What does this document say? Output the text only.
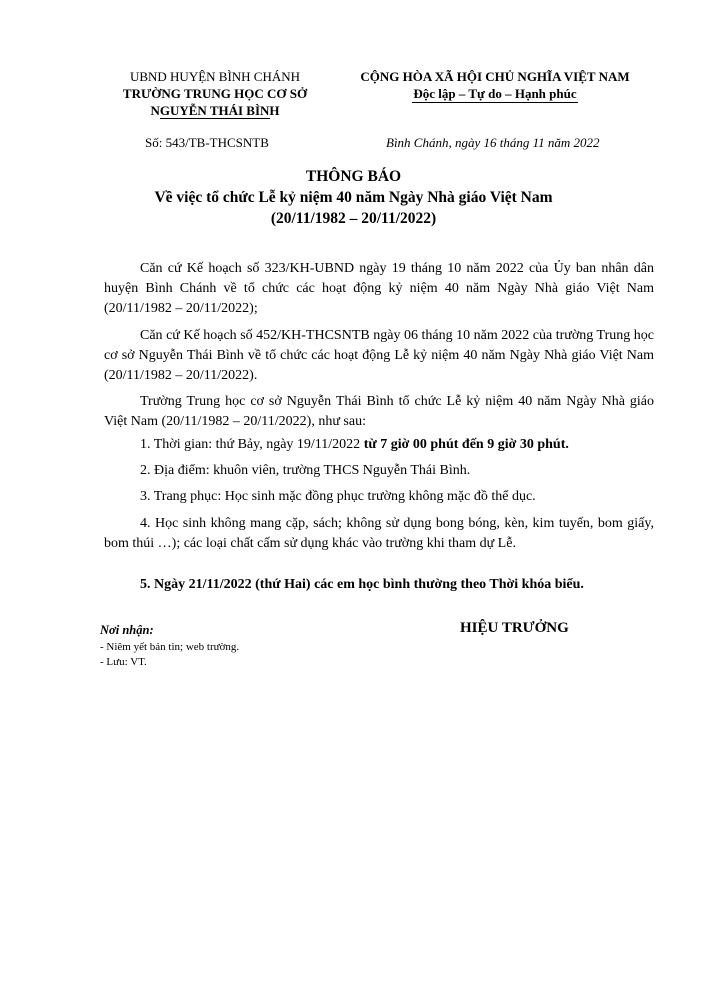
UBND HUYỆN BÌNH CHÁNH
TRƯỜNG TRUNG HỌC CƠ SỞ
NGUYỄN THÁI BÌNH
CỘNG HÒA XÃ HỘI CHỦ NGHĨA VIỆT NAM
Độc lập – Tự do – Hạnh phúc
Số: 543/TB-THCSNTB	Bình Chánh, ngày 16 tháng 11 năm 2022
THÔNG BÁO
Về việc tổ chức Lễ kỷ niệm 40 năm Ngày Nhà giáo Việt Nam
(20/11/1982 – 20/11/2022)
Căn cứ Kế hoạch số 323/KH-UBND ngày 19 tháng 10 năm 2022 của Ủy ban nhân dân huyện Bình Chánh về tổ chức các hoạt động kỷ niệm 40 năm Ngày Nhà giáo Việt Nam (20/11/1982 – 20/11/2022);
Căn cứ Kế hoạch số 452/KH-THCSNTB ngày 06 tháng 10 năm 2022 của trường Trung học cơ sở Nguyễn Thái Bình về tổ chức các hoạt động Lễ kỷ niệm 40 năm Ngày Nhà giáo Việt Nam (20/11/1982 – 20/11/2022).
Trường Trung học cơ sở Nguyễn Thái Bình tổ chức Lễ kỷ niệm 40 năm Ngày Nhà giáo Việt Nam (20/11/1982 – 20/11/2022), như sau:
1. Thời gian: thứ Bảy, ngày 19/11/2022 từ 7 giờ 00 phút đến 9 giờ 30 phút.
2. Địa điểm: khuôn viên, trường THCS Nguyễn Thái Bình.
3. Trang phục: Học sinh mặc đồng phục trường không mặc đồ thể dục.
4. Học sinh không mang cặp, sách; không sử dụng bong bóng, kèn, kim tuyến, bom giấy, bom thúi …); các loại chất cấm sử dụng khác vào trường khi tham dự Lễ.
5. Ngày 21/11/2022 (thứ Hai) các em học bình thường theo Thời khóa biểu.
Nơi nhận:
- Niêm yết bản tin; web trường.
- Lưu: VT.
HIỆU TRƯỞNG
